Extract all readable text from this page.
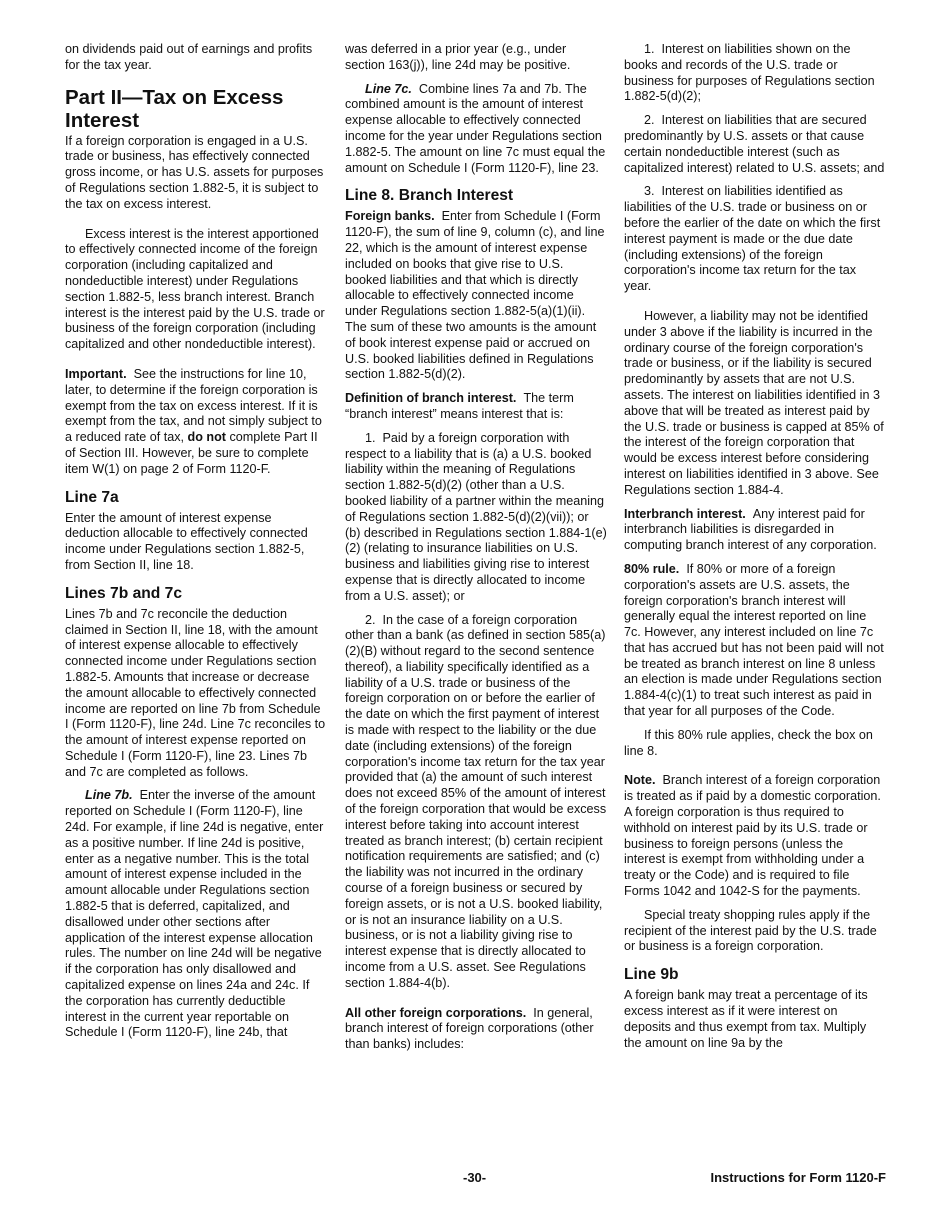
on dividends paid out of earnings and profits for the tax year.

Part II—Tax on Excess Interest

If a foreign corporation is engaged in a U.S. trade or business, has effectively connected gross income, or has U.S. assets for purposes of Regulations section 1.882-5, it is subject to the tax on excess interest.

Excess interest is the interest apportioned to effectively connected income of the foreign corporation (including capitalized and nondeductible interest) under Regulations section 1.882-5, less branch interest. Branch interest is the interest paid by the U.S. trade or business of the foreign corporation (including capitalized and other nondeductible interest).

Important. See the instructions for line 10, later, to determine if the foreign corporation is exempt from the tax on excess interest. If it is exempt from the tax, and not simply subject to a reduced rate of tax, do not complete Part II of Section III. However, be sure to complete item W(1) on page 2 of Form 1120-F.

Line 7a

Enter the amount of interest expense deduction allocable to effectively connected income under Regulations section 1.882-5, from Section II, line 18.

Lines 7b and 7c

Lines 7b and 7c reconcile the deduction claimed in Section II, line 18, with the amount of interest expense allocable to effectively connected income under Regulations section 1.882-5. Amounts that increase or decrease the amount allocable to effectively connected income are reported on line 7b from Schedule I (Form 1120-F), line 24d. Line 7c reconciles to the amount of interest expense reported on Schedule I (Form 1120-F), line 23. Lines 7b and 7c are completed as follows.

Line 7b. Enter the inverse of the amount reported on Schedule I (Form 1120-F), line 24d. For example, if line 24d is negative, enter as a positive number. If line 24d is positive, enter as a negative number. This is the total amount of interest expense included in the amount allocable under Regulations section 1.882-5 that is deferred, capitalized, and disallowed under other sections after application of the interest expense allocation rules. The number on line 24d will be negative if the corporation has only disallowed and capitalized expense on lines 24a and 24c. If the corporation has currently deductible interest in the current year reportable on Schedule I (Form 1120-F), line 24b, that

was deferred in a prior year (e.g., under section 163(j)), line 24d may be positive.

Line 7c. Combine lines 7a and 7b. The combined amount is the amount of interest expense allocable to effectively connected income for the year under Regulations section 1.882-5. The amount on line 7c must equal the amount on Schedule I (Form 1120-F), line 23.

Line 8. Branch Interest

Foreign banks. Enter from Schedule I (Form 1120-F), the sum of line 9, column (c), and line 22, which is the amount of interest expense included on books that give rise to U.S. booked liabilities and that which is directly allocable to effectively connected income under Regulations section 1.882-5(a)(1)(ii). The sum of these two amounts is the amount of book interest expense paid or accrued on U.S. booked liabilities defined in Regulations section 1.882-5(d)(2).

Definition of branch interest. The term “branch interest” means interest that is:

1.  Paid by a foreign corporation with respect to a liability that is (a) a U.S. booked liability within the meaning of Regulations section 1.882-5(d)(2) (other than a U.S. booked liability of a partner within the meaning of Regulations section 1.882-5(d)(2)(vii)); or (b) described in Regulations section 1.884-1(e)(2) (relating to insurance liabilities on U.S. business and liabilities giving rise to interest expense that is directly allocated to income from a U.S. asset); or

2.  In the case of a foreign corporation other than a bank (as defined in section 585(a)(2)(B) without regard to the second sentence thereof), a liability specifically identified as a liability of a U.S. trade or business of the foreign corporation on or before the earlier of the date on which the first payment of interest is made with respect to the liability or the due date (including extensions) of the foreign corporation's income tax return for the tax year provided that (a) the amount of such interest does not exceed 85% of the amount of interest of the foreign corporation that would be excess interest before taking into account interest treated as branch interest; (b) certain recipient notification requirements are satisfied; and (c) the liability was not incurred in the ordinary course of a foreign business or secured by foreign assets, or is not a U.S. booked liability, or is not an insurance liability on a U.S. business, or is not a liability giving rise to interest expense that is directly allocated to income from a U.S. asset. See Regulations section 1.884-4(b).

All other foreign corporations. In general, branch interest of foreign corporations (other than banks) includes:

1.  Interest on liabilities shown on the books and records of the U.S. trade or business for purposes of Regulations section 1.882-5(d)(2);

2.  Interest on liabilities that are secured predominantly by U.S. assets or that cause certain nondeductible interest (such as capitalized interest) related to U.S. assets; and

3.  Interest on liabilities identified as liabilities of the U.S. trade or business on or before the earlier of the date on which the first interest payment is made or the due date (including extensions) of the foreign corporation's income tax return for the tax year.

However, a liability may not be identified under 3 above if the liability is incurred in the ordinary course of the foreign corporation's trade or business, or if the liability is secured predominantly by assets that are not U.S. assets. The interest on liabilities identified in 3 above that will be treated as interest paid by the U.S. trade or business is capped at 85% of the interest of the foreign corporation that would be excess interest before considering interest on liabilities identified in 3 above. See Regulations section 1.884-4.

Interbranch interest. Any interest paid for interbranch liabilities is disregarded in computing branch interest of any corporation.

80% rule. If 80% or more of a foreign corporation's assets are U.S. assets, the foreign corporation's branch interest will generally equal the interest reported on line 7c. However, any interest included on line 7c that has accrued but has not been paid will not be treated as branch interest on line 8 unless an election is made under Regulations section 1.884-4(c)(1) to treat such interest as paid in that year for all purposes of the Code.

If this 80% rule applies, check the box on line 8.

Note. Branch interest of a foreign corporation is treated as if paid by a domestic corporation. A foreign corporation is thus required to withhold on interest paid by its U.S. trade or business to foreign persons (unless the interest is exempt from withholding under a treaty or the Code) and is required to file Forms 1042 and 1042-S for the payments.

Special treaty shopping rules apply if the recipient of the interest paid by the U.S. trade or business is a foreign corporation.

Line 9b

A foreign bank may treat a percentage of its excess interest as if it were interest on deposits and thus exempt from tax. Multiply the amount on line 9a by the

-30-	Instructions for Form 1120-F
